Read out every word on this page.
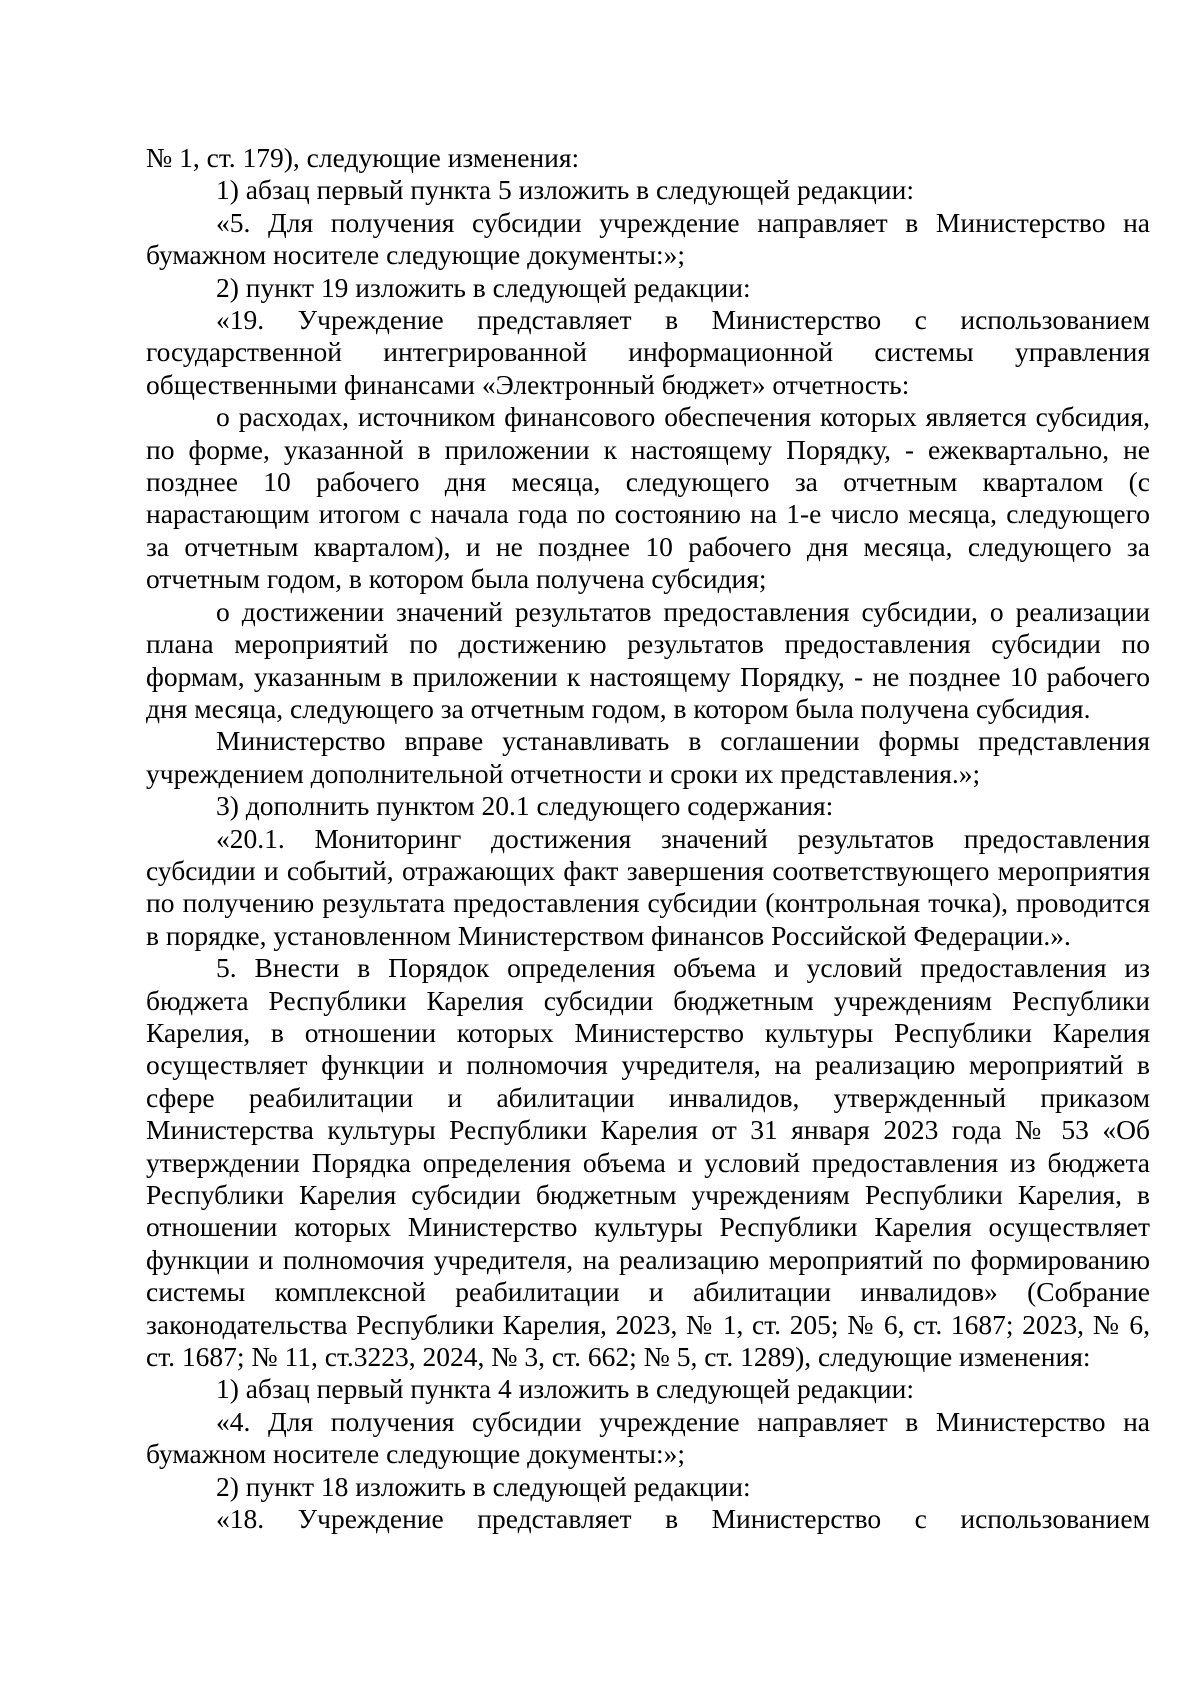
№ 1, ст. 179), следующие изменения:

1) абзац первый пункта 5 изложить в следующей редакции:

«5. Для получения субсидии учреждение направляет в Министерство на бумажном носителе следующие документы:»;

2) пункт 19 изложить в следующей редакции:

«19. Учреждение представляет в Министерство с использованием государственной интегрированной информационной системы управления общественными финансами «Электронный бюджет» отчетность:

о расходах, источником финансового обеспечения которых является субсидия, по форме, указанной в приложении к настоящему Порядку, - ежеквартально, не позднее 10 рабочего дня месяца, следующего за отчетным кварталом (с нарастающим итогом с начала года по состоянию на 1-е число месяца, следующего за отчетным кварталом), и не позднее 10 рабочего дня месяца, следующего за отчетным годом, в котором была получена субсидия;

о достижении значений результатов предоставления субсидии, о реализации плана мероприятий по достижению результатов предоставления субсидии по формам, указанным в приложении к настоящему Порядку, - не позднее 10 рабочего дня месяца, следующего за отчетным годом, в котором была получена субсидия.

Министерство вправе устанавливать в соглашении формы представления учреждением дополнительной отчетности и сроки их представления.»;

3) дополнить пунктом 20.1 следующего содержания:

«20.1. Мониторинг достижения значений результатов предоставления субсидии и событий, отражающих факт завершения соответствующего мероприятия по получению результата предоставления субсидии (контрольная точка), проводится в порядке, установленном Министерством финансов Российской Федерации.».

5. Внести в Порядок определения объема и условий предоставления из бюджета Республики Карелия субсидии бюджетным учреждениям Республики Карелия, в отношении которых Министерство культуры Республики Карелия осуществляет функции и полномочия учредителя, на реализацию мероприятий в сфере реабилитации и абилитации инвалидов, утвержденный приказом Министерства культуры Республики Карелия от 31 января 2023 года № 53 «Об утверждении Порядка определения объема и условий предоставления из бюджета Республики Карелия субсидии бюджетным учреждениям Республики Карелия, в отношении которых Министерство культуры Республики Карелия осуществляет функции и полномочия учредителя, на реализацию мероприятий по формированию системы комплексной реабилитации и абилитации инвалидов» (Собрание законодательства Республики Карелия, 2023, № 1, ст. 205; № 6, ст. 1687; 2023, № 6, ст. 1687; № 11, ст.3223, 2024, № 3, ст. 662; № 5, ст. 1289), следующие изменения:

1) абзац первый пункта 4 изложить в следующей редакции:

«4. Для получения субсидии учреждение направляет в Министерство на бумажном носителе следующие документы:»;

2) пункт 18 изложить в следующей редакции:

«18. Учреждение представляет в Министерство с использованием
